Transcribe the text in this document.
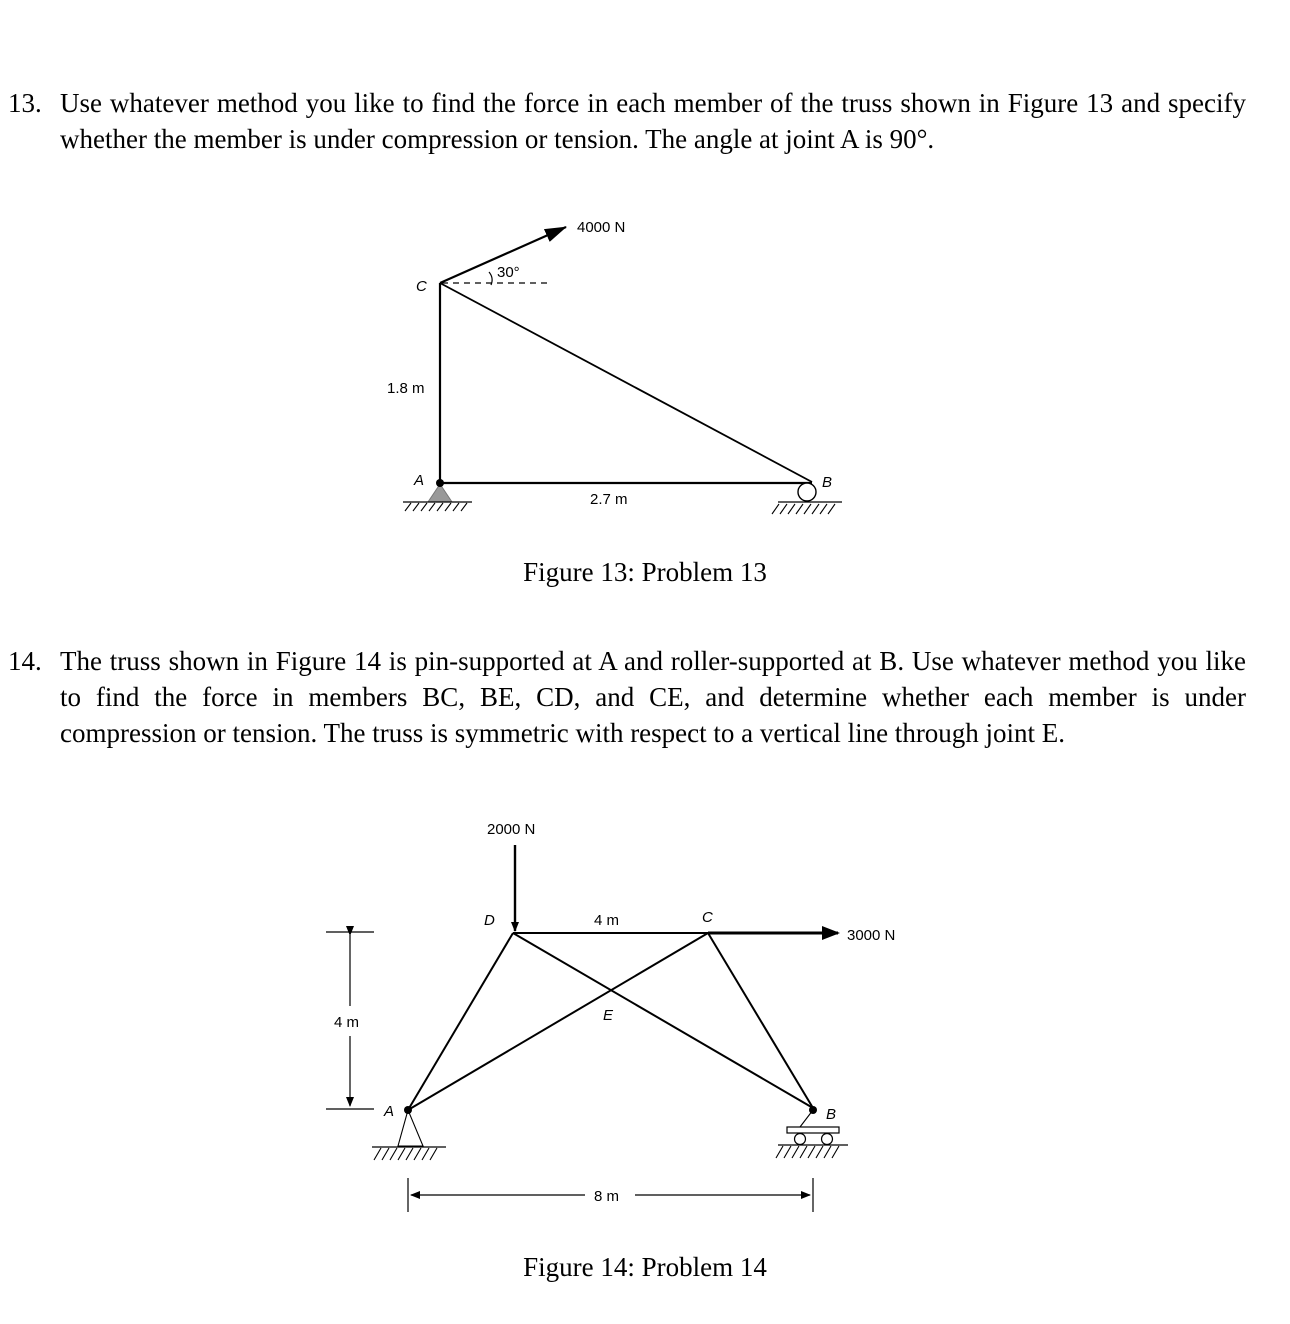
13. Use whatever method you like to find the force in each member of the truss shown in Figure 13 and specify whether the member is under compression or tension. The angle at joint A is 90°.
4000 N
30°
C
1.8 m
A
2.7 m
B
2000 N
3000 N
D	4 m	C
E
A	B
4 m
8 m
Figure 13: Problem 13
14. The truss shown in Figure 14 is pin-supported at A and roller-supported at B. Use whatever method you like to find the force in members BC, BE, CD, and CE, and determine whether each member is under compression or tension. The truss is symmetric with respect to a vertical line through joint E.
Figure 14: Problem 14
